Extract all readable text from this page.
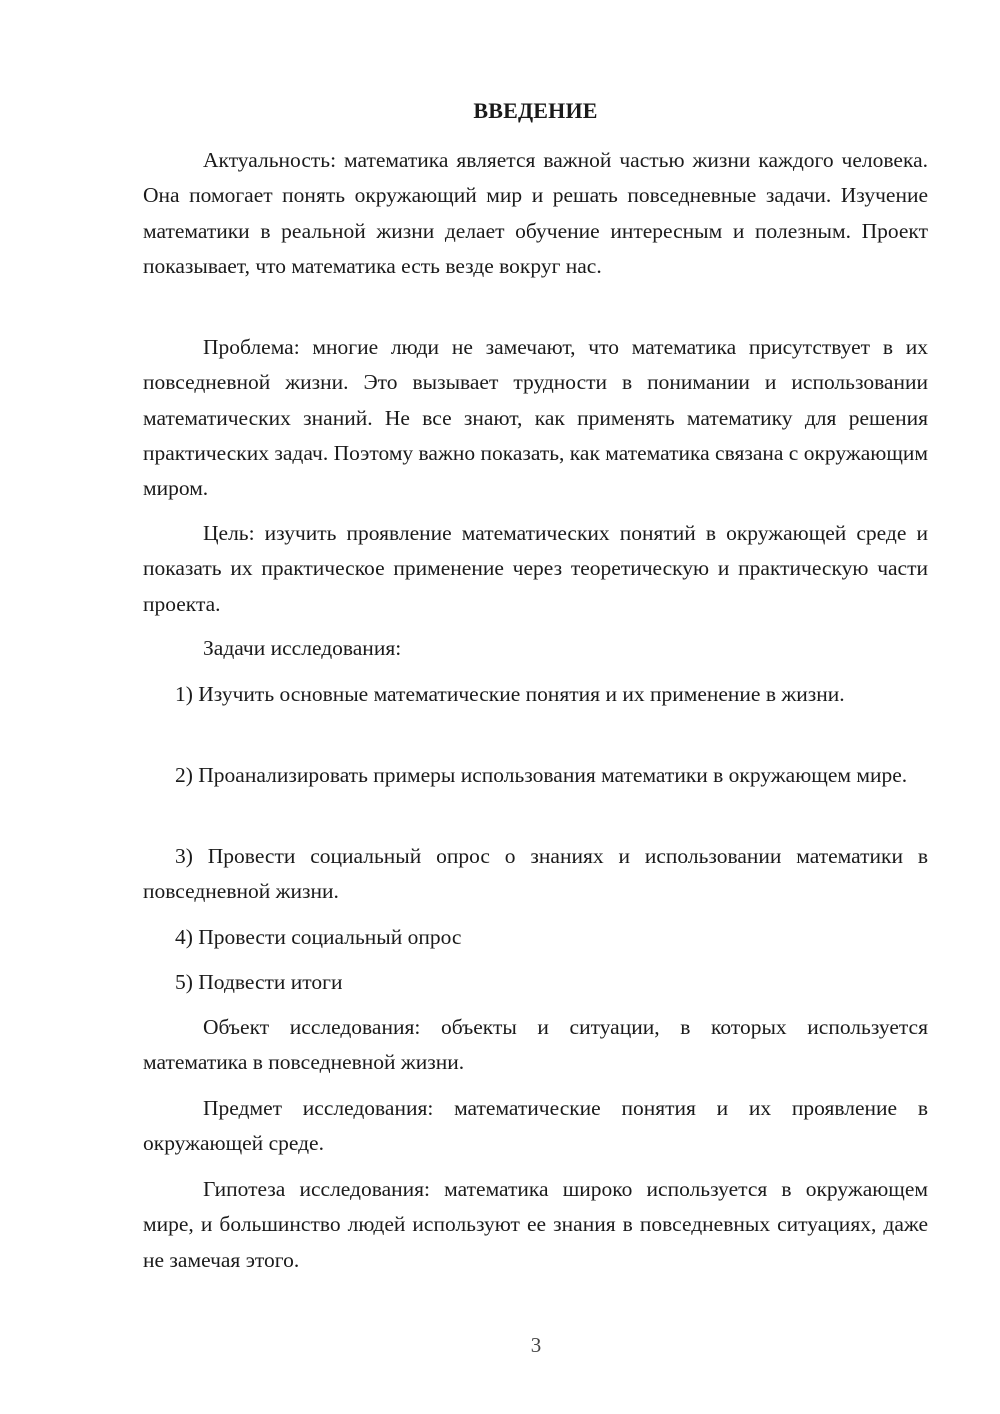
ВВЕДЕНИЕ

Актуальность: математика является важной частью жизни каждого человека. Она помогает понять окружающий мир и решать повседневные задачи. Изучение математики в реальной жизни делает обучение интересным и полезным. Проект показывает, что математика есть везде вокруг нас.

Проблема: многие люди не замечают, что математика присутствует в их повседневной жизни. Это вызывает трудности в понимании и использовании математических знаний. Не все знают, как применять математику для решения практических задач. Поэтому важно показать, как математика связана с окружающим миром.

Цель: изучить проявление математических понятий в окружающей среде и показать их практическое применение через теоретическую и практическую части проекта.

Задачи исследования:

1) Изучить основные математические понятия и их применение в жизни.

2) Проанализировать примеры использования математики в окружающем мире.

3) Провести социальный опрос о знаниях и использовании математики в повседневной жизни.

4) Провести социальный опрос

5) Подвести итоги

Объект исследования: объекты и ситуации, в которых используется математика в повседневной жизни.

Предмет исследования: математические понятия и их проявление в окружающей среде.

Гипотеза исследования: математика широко используется в окружающем мире, и большинство людей используют ее знания в повседневных ситуациях, даже не замечая этого.

3
